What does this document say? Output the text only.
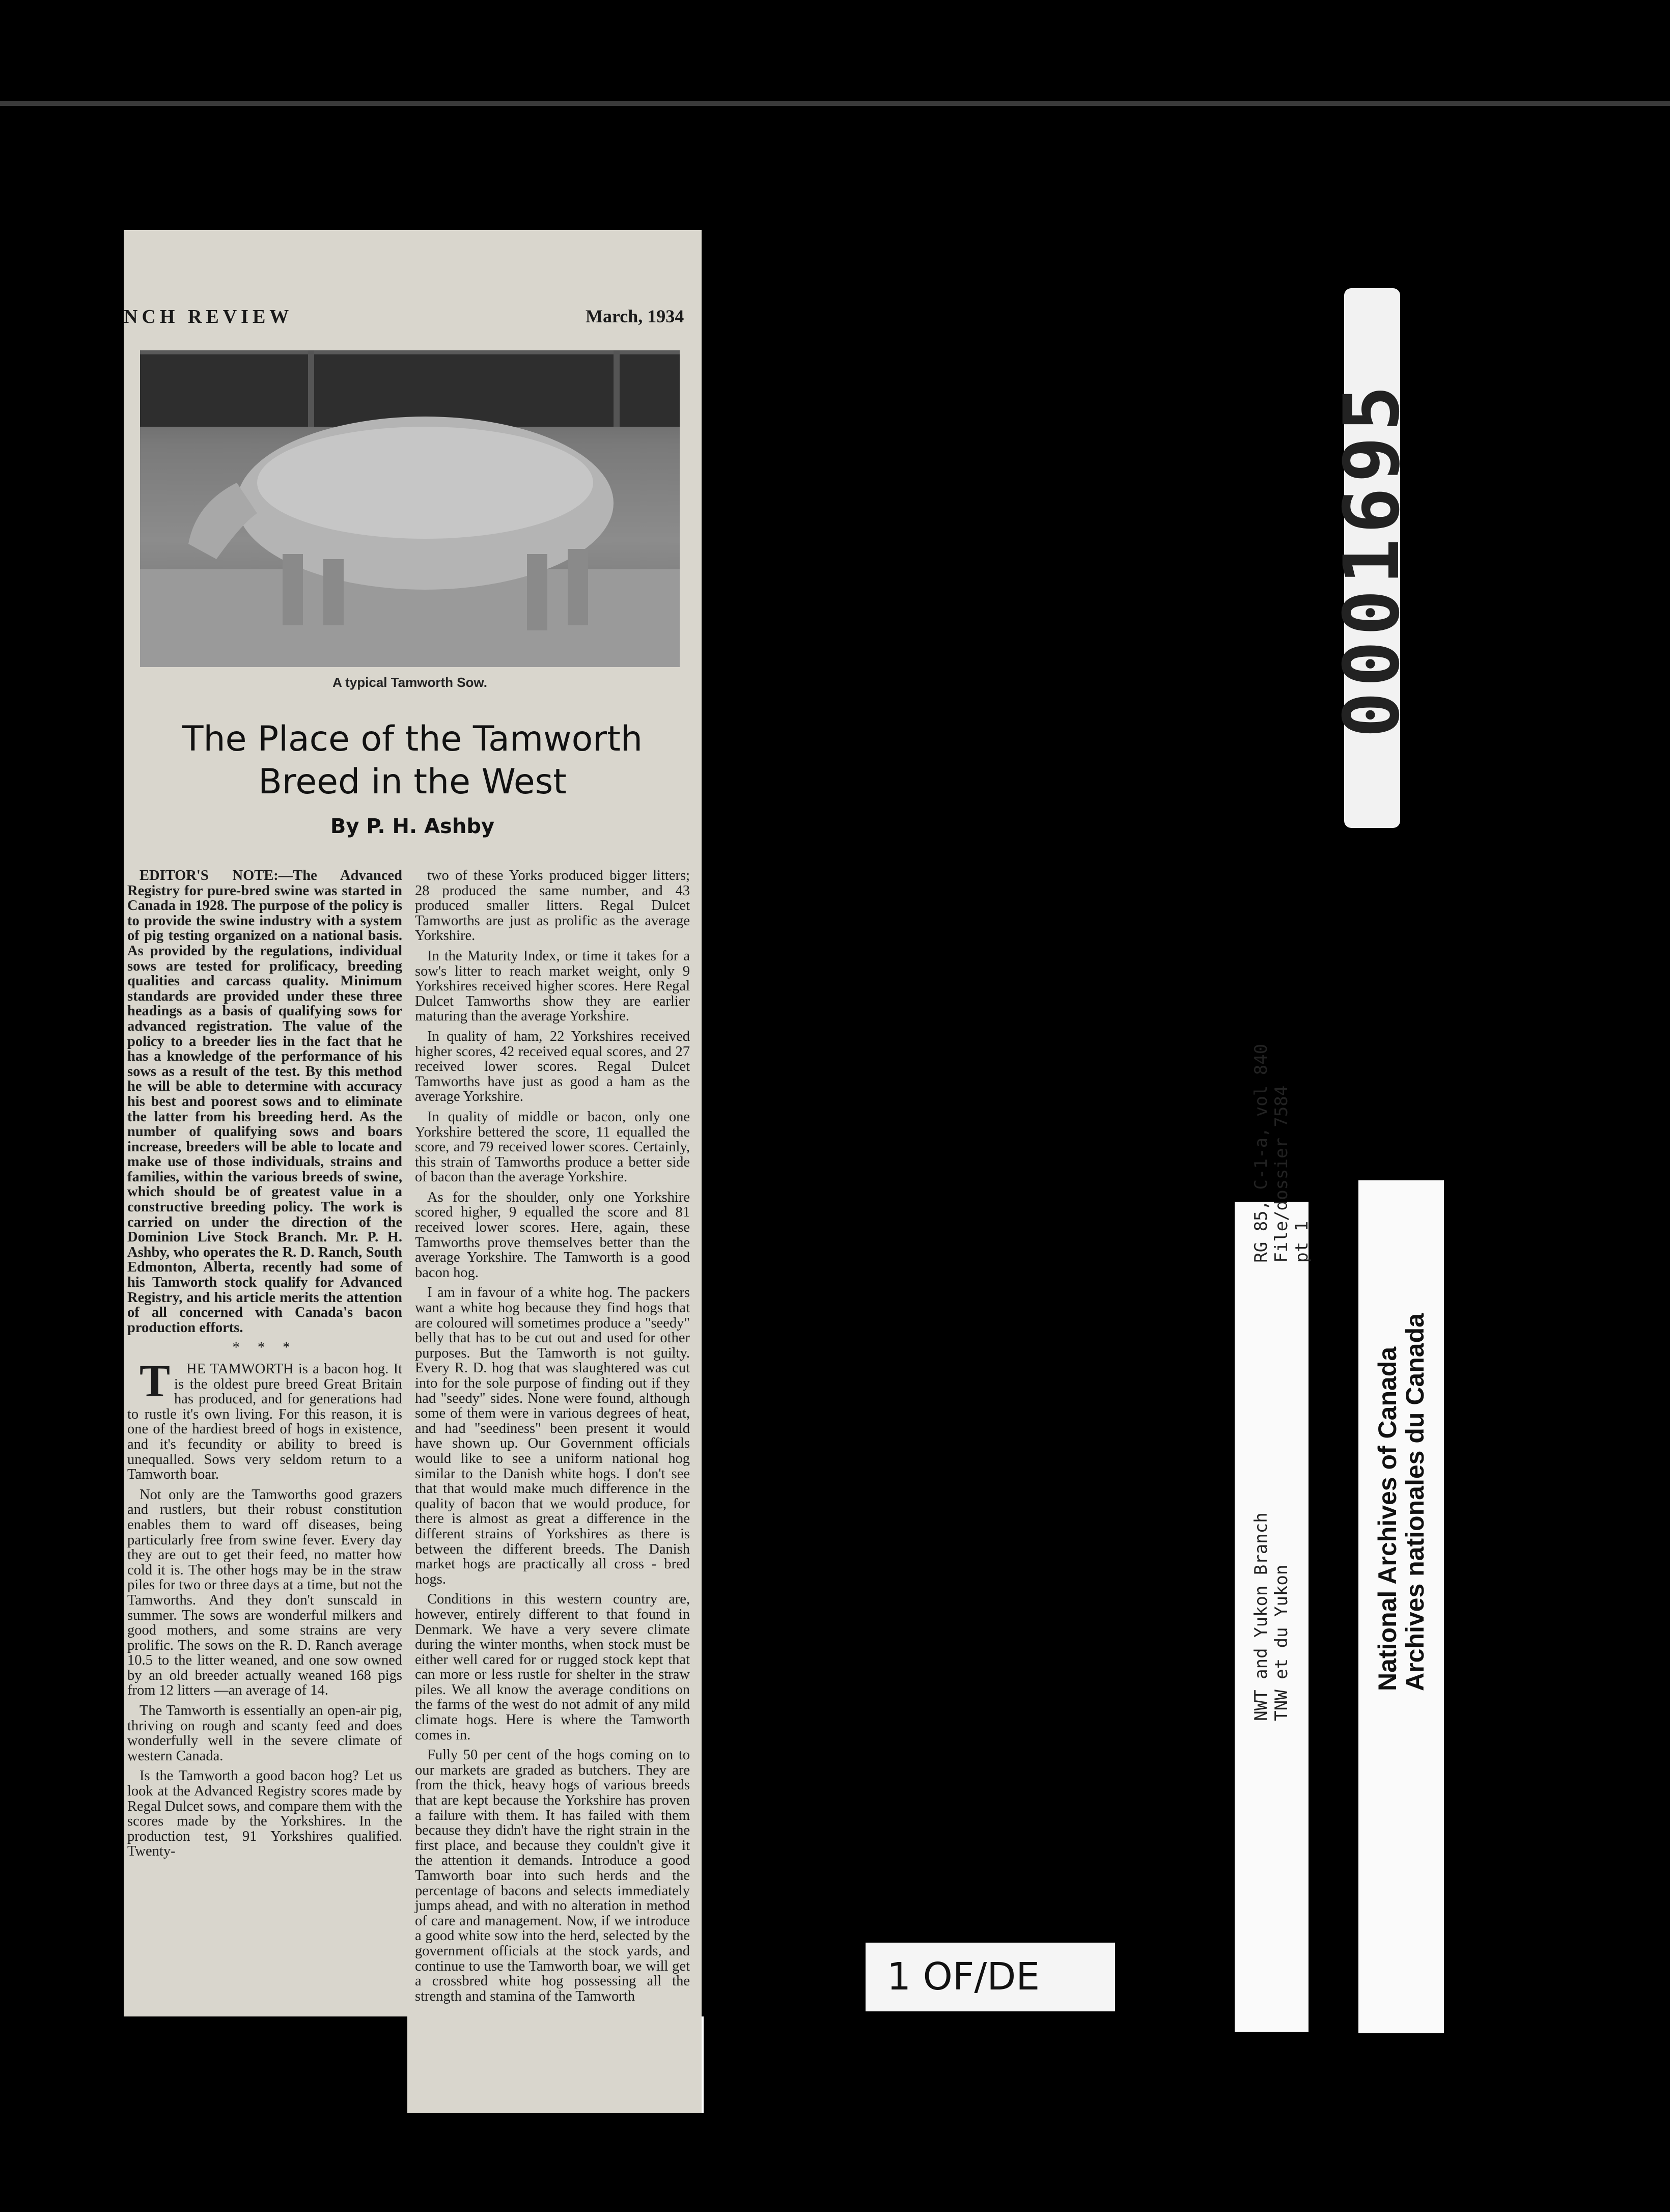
NCH REVIEW	March, 1934
A typical Tamworth Sow.
The Place of the Tamworth Breed in the West
By P. H. Ashby

EDITOR'S NOTE:—The Advanced Registry for pure-bred swine was started in Canada in 1928. The purpose of the policy is to provide the swine industry with a system of pig testing organized on a national basis. As provided by the regulations, individual sows are tested for prolificacy, breeding qualities and carcass quality. Minimum standards are provided under these three headings as a basis of qualifying sows for advanced registration. The value of the policy to a breeder lies in the fact that he has a knowledge of the performance of his sows as a result of the test. By this method he will be able to determine with accuracy his best and poorest sows and to eliminate the latter from his breeding herd. As the number of qualifying sows and boars increase, breeders will be able to locate and make use of those individuals, strains and families, within the various breeds of swine, which should be of greatest value in a constructive breeding policy. The work is carried on under the direction of the Dominion Live Stock Branch. Mr. P. H. Ashby, who operates the R. D. Ranch, South Edmonton, Alberta, recently had some of his Tamworth stock qualify for Advanced Registry, and his article merits the attention of all concerned with Canada's bacon production efforts.

* * *

T HE TAMWORTH is a bacon hog. It is the oldest pure breed Great Britain has produced, and for generations had to rustle it's own living. For this reason, it is one of the hardiest breed of hogs in existence, and it's fecundity or ability to breed is unequalled. Sows very seldom return to a Tamworth boar.

Not only are the Tamworths good grazers and rustlers, but their robust constitution enables them to ward off diseases, being particularly free from swine fever. Every day they are out to get their feed, no matter how cold it is. The other hogs may be in the straw piles for two or three days at a time, but not the Tamworths. And they don't sunscald in summer. The sows are wonderful milkers and good mothers, and some strains are very prolific. The sows on the R. D. Ranch average 10.5 to the litter weaned, and one sow owned by an old breeder actually weaned 168 pigs from 12 litters —an average of 14.

The Tamworth is essentially an open-air pig, thriving on rough and scanty feed and does wonderfully well in the severe climate of western Canada.

Is the Tamworth a good bacon hog? Let us look at the Advanced Registry scores made by Regal Dulcet sows, and compare them with the scores made by the Yorkshires. In the production test, 91 Yorkshires qualified. Twenty-

two of these Yorks produced bigger litters; 28 produced the same number, and 43 produced smaller litters. Regal Dulcet Tamworths are just as prolific as the average Yorkshire.

In the Maturity Index, or time it takes for a sow's litter to reach market weight, only 9 Yorkshires received higher scores. Here Regal Dulcet Tamworths show they are earlier maturing than the average Yorkshire.

In quality of ham, 22 Yorkshires received higher scores, 42 received equal scores, and 27 received lower scores. Regal Dulcet Tamworths have just as good a ham as the average Yorkshire.

In quality of middle or bacon, only one Yorkshire bettered the score, 11 equalled the score, and 79 received lower scores. Certainly, this strain of Tamworths produce a better side of bacon than the average Yorkshire.

As for the shoulder, only one Yorkshire scored higher, 9 equalled the score and 81 received lower scores. Here, again, these Tamworths prove themselves better than the average Yorkshire. The Tamworth is a good bacon hog.

I am in favour of a white hog. The packers want a white hog because they find hogs that are coloured will sometimes produce a "seedy" belly that has to be cut out and used for other purposes. But the Tamworth is not guilty. Every R. D. hog that was slaughtered was cut into for the sole purpose of finding out if they had "seedy" sides. None were found, although some of them were in various degrees of heat, and had "seediness" been present it would have shown up. Our Government officials would like to see a uniform national hog similar to the Danish white hogs. I don't see that that would make much difference in the quality of bacon that we would produce, for there is almost as great a difference in the different strains of Yorkshires as there is between the different breeds. The Danish market hogs are practically all cross - bred hogs.

Conditions in this western country are, however, entirely different to that found in Denmark. We have a very severe climate during the winter months, when stock must be either well cared for or rugged stock kept that can more or less rustle for shelter in the straw piles. We all know the average conditions on the farms of the west do not admit of any mild climate hogs. Here is where the Tamworth comes in.

Fully 50 per cent of the hogs coming on to our markets are graded as butchers. They are from the thick, heavy hogs of various breeds that are kept because the Yorkshire has proven a failure with them. It has failed with them because they didn't have the right strain in the first place, and because they couldn't give it the attention it demands. Introduce a good Tamworth boar into such herds and the percentage of bacons and selects immediately jumps ahead, and with no alteration in method of care and management. Now, if we introduce a good white sow into the herd, selected by the government officials at the stock yards, and continue to use the Tamworth boar, we will get a crossbred white hog possessing all the strength and stamina of the Tamworth

0001695
NWT and Yukon Branch TNW et du Yukon
RG 85, C-1-a, vol 840 File/dossier 7584 pt 1
National Archives of Canada
Archives nationales du Canada
1 OF/DE
